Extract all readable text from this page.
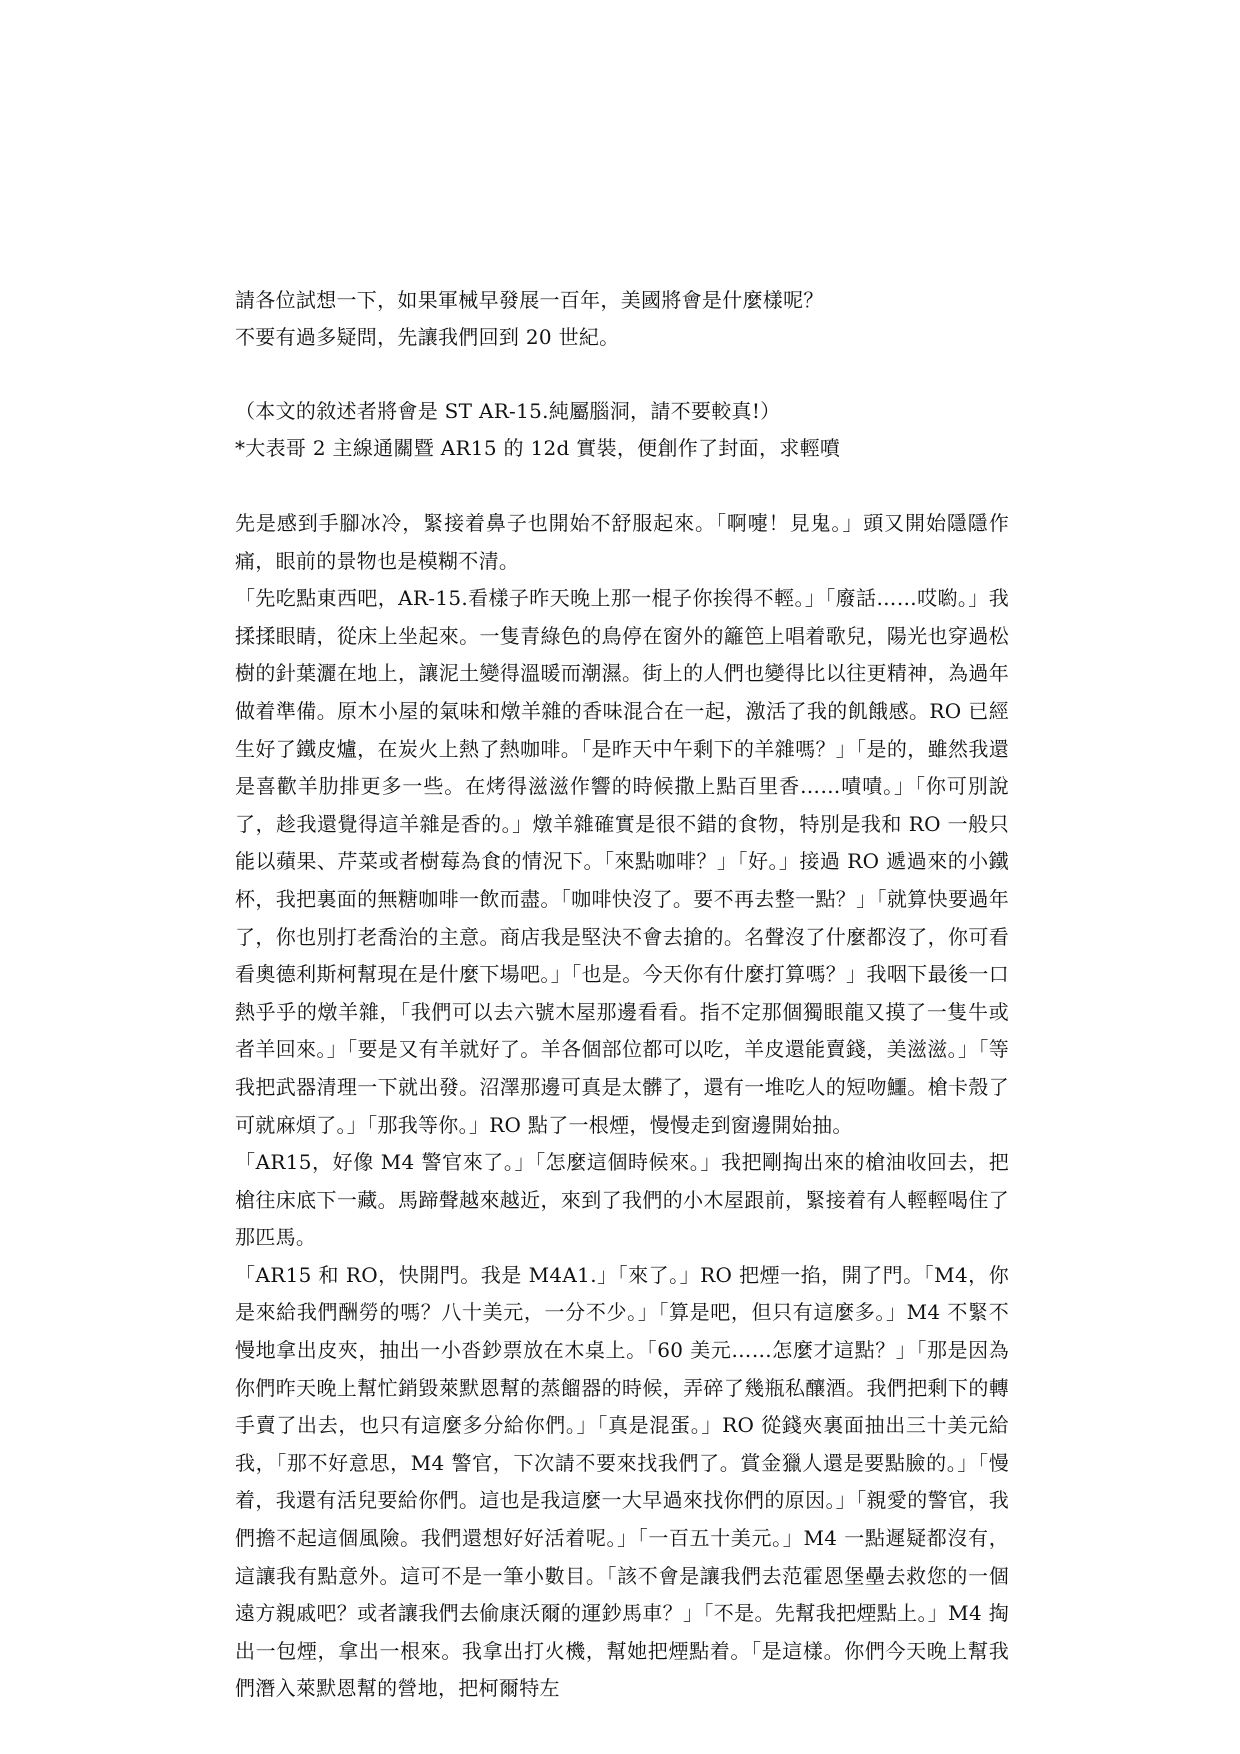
請各位試想一下，如果軍械早發展一百年，美國將會是什麼樣呢？

不要有過多疑問，先讓我們回到 20 世紀。

（本文的敘述者將會是 ST AR-15.純屬腦洞，請不要較真!）

*大表哥 2 主線通關暨 AR15 的 12d 實裝，便創作了封面，求輕噴

先是感到手腳冰冷，緊接着鼻子也開始不舒服起來。「啊嚏！見鬼。」頭又開始隱隱作痛，眼前的景物也是模糊不清。

「先吃點東西吧，AR-15.看樣子昨天晚上那一棍子你挨得不輕。」「廢話……哎喲。」我揉揉眼睛，從床上坐起來。一隻青綠色的鳥停在窗外的籬笆上唱着歌兒，陽光也穿過松樹的針葉灑在地上，讓泥土變得溫暖而潮濕。街上的人們也變得比以往更精神，為過年做着準備。原木小屋的氣味和燉羊雜的香味混合在一起，激活了我的飢餓感。RO 已經生好了鐵皮爐，在炭火上熱了熱咖啡。「是昨天中午剩下的羊雜嗎？」「是的，雖然我還是喜歡羊肋排更多一些。在烤得滋滋作響的時候撒上點百里香……嘖嘖。」「你可別說了，趁我還覺得這羊雜是香的。」燉羊雜確實是很不錯的食物，特別是我和 RO 一般只能以蘋果、芹菜或者樹莓為食的情況下。「來點咖啡？」「好。」接過 RO 遞過來的小鐵杯，我把裏面的無糖咖啡一飲而盡。「咖啡快沒了。要不再去整一點？」「就算快要過年了，你也別打老喬治的主意。商店我是堅決不會去搶的。名聲沒了什麼都沒了，你可看看奧德利斯柯幫現在是什麼下場吧。」「也是。今天你有什麼打算嗎？」我咽下最後一口熱乎乎的燉羊雜，「我們可以去六號木屋那邊看看。指不定那個獨眼龍又摸了一隻牛或者羊回來。」「要是又有羊就好了。羊各個部位都可以吃，羊皮還能賣錢，美滋滋。」「等我把武器清理一下就出發。沼澤那邊可真是太髒了，還有一堆吃人的短吻鱷。槍卡殼了可就麻煩了。」「那我等你。」RO 點了一根煙，慢慢走到窗邊開始抽。

「AR15，好像 M4 警官來了。」「怎麼這個時候來。」我把剛掏出來的槍油收回去，把槍往床底下一藏。馬蹄聲越來越近，來到了我們的小木屋跟前，緊接着有人輕輕喝住了那匹馬。

「AR15 和 RO，快開門。我是 M4A1.」「來了。」RO 把煙一掐，開了門。「M4，你是來給我們酬勞的嗎？八十美元，一分不少。」「算是吧，但只有這麼多。」M4 不緊不慢地拿出皮夾，抽出一小沓鈔票放在木桌上。「60 美元……怎麼才這點？」「那是因為你們昨天晚上幫忙銷毀萊默恩幫的蒸餾器的時候，弄碎了幾瓶私釀酒。我們把剩下的轉手賣了出去，也只有這麼多分給你們。」「真是混蛋。」RO 從錢夾裏面抽出三十美元給我，「那不好意思，M4 警官，下次請不要來找我們了。賞金獵人還是要點臉的。」「慢着，我還有活兒要給你們。這也是我這麼一大早過來找你們的原因。」「親愛的警官，我們擔不起這個風險。我們還想好好活着呢。」「一百五十美元。」M4 一點遲疑都沒有，這讓我有點意外。這可不是一筆小數目。「該不會是讓我們去范霍恩堡壘去救您的一個遠方親戚吧？或者讓我們去偷康沃爾的運鈔馬車？」「不是。先幫我把煙點上。」M4 掏出一包煙，拿出一根來。我拿出打火機，幫她把煙點着。「是這樣。你們今天晚上幫我們潛入萊默恩幫的營地，把柯爾特左
